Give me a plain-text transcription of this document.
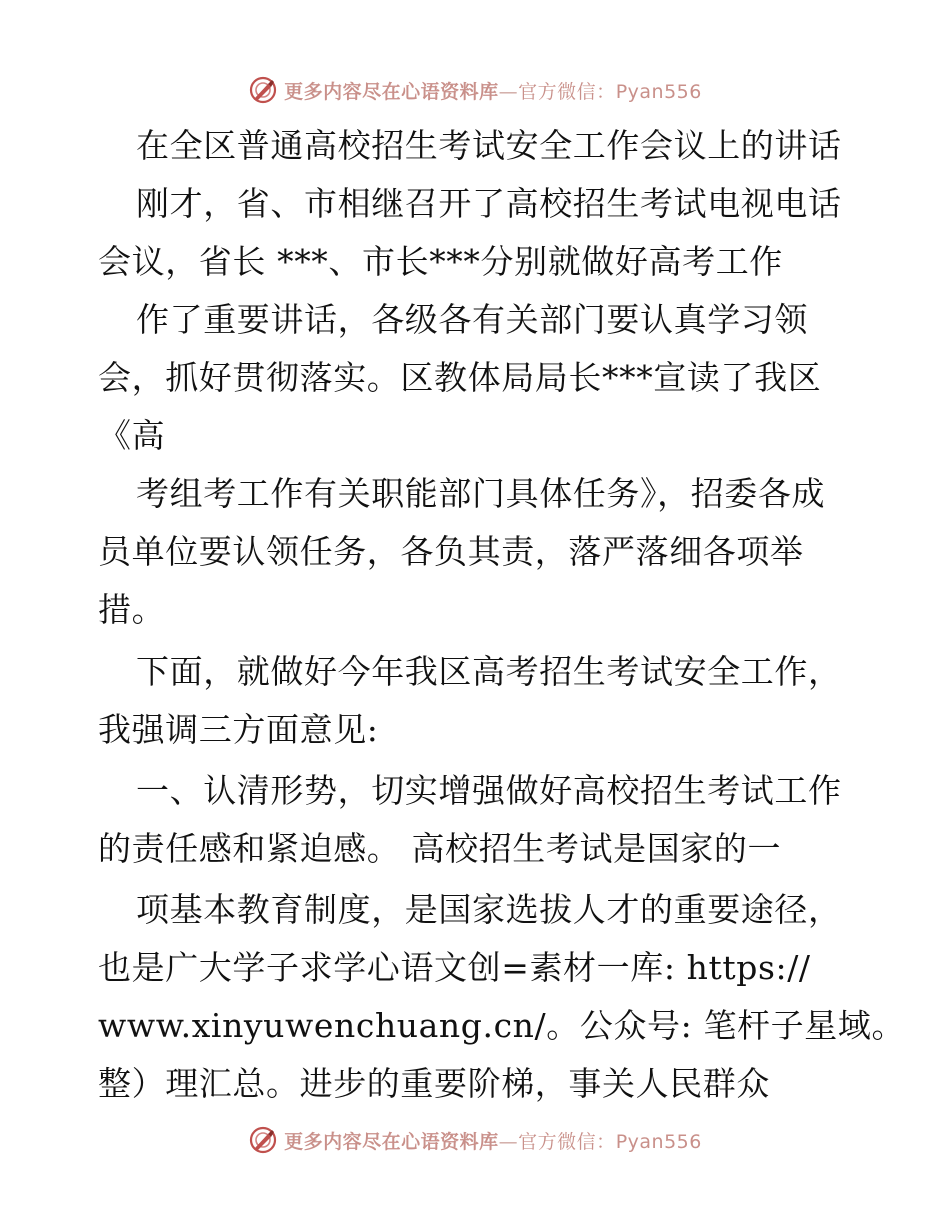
更多内容尽在心语资料库—官方微信：Pyan556
在全区普通高校招生考试安全工作会议上的讲话
刚才，省、市相继召开了高校招生考试电视电话
会议，省长 ***、市长***分别就做好高考工作
作了重要讲话，各级各有关部门要认真学习领
会，抓好贯彻落实。区教体局局长***宣读了我区
《高
考组考工作有关职能部门具体任务》，招委各成
员单位要认领任务，各负其责，落严落细各项举
措。
下面，就做好今年我区高考招生考试安全工作，
我强调三方面意见:
一、认清形势，切实增强做好高校招生考试工作
的责任感和紧迫感。 高校招生考试是国家的一
项基本教育制度，是国家选拔人才的重要途径，
也是广大学子求学心语文创=素材一库: https://
www.xinyuwenchuang.cn/。公众号: 笔杆子星域。
整）理汇总。进步的重要阶梯，事关人民群众
更多内容尽在心语资料库—官方微信：Pyan556
